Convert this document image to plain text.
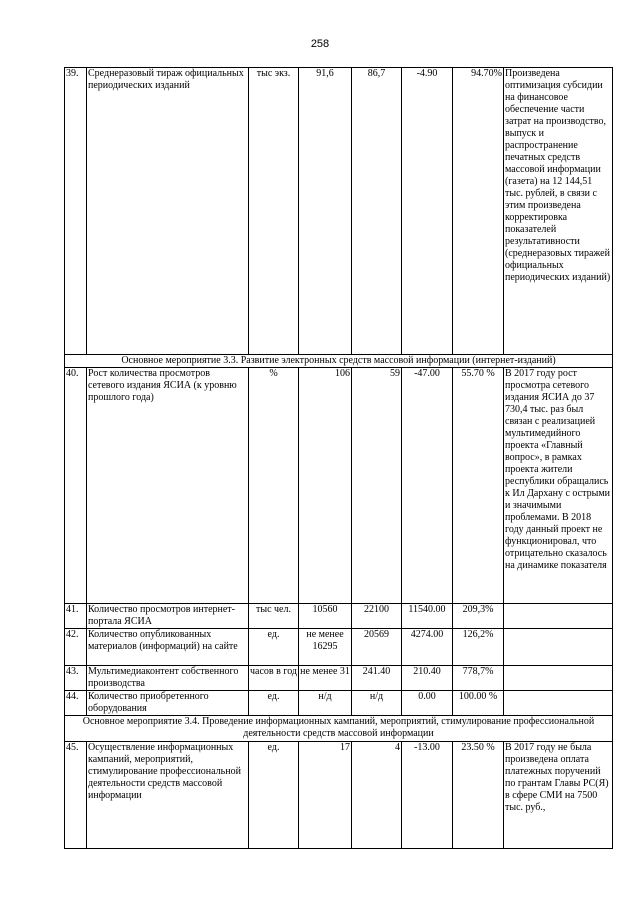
258
39.	Среднеразовый тираж официальных периодических изданий	тыс экз.	91,6	86,7	-4.90	94.70%	Произведена оптимизация субсидии на финансовое обеспечение части затрат на производство, выпуск и распространение печатных средств массовой информации (газета) на 12 144,51 тыс. рублей, в связи с этим произведена корректировка показателей результативности (среднеразовых тиражей официальных периодических изданий)
Основное мероприятие 3.3. Развитие электронных средств массовой информации (интернет-изданий)							
40.	Рост количества просмотров сетевого издания ЯСИА (к уровню прошлого года)	%	106	59	-47.00	55.70 %	В 2017 году рост просмотра сетевого издания ЯСИА до 37 730,4 тыс. раз был связан с реализацией мультимедийного проекта «Главный вопрос», в рамках проекта жители республики обращались к Ил Дархану с острыми и значимыми проблемами. В 2018 году данный проект не функционировал, что отрицательно сказалось на динамике показателя
41.	Количество просмотров интернет-портала ЯСИА	тыс чел.	10560	22100	11540.00	209,3%	
42.	Количество опубликованных материалов (информаций) на сайте	ед.	не менее 16295	20569	4274.00	126,2%	
43.	Мультимедиаконтент собственного производства	часов в год	не менее 31	241.40	210.40	778,7%	
44.	Количество приобретенного оборудования	ед.	н/д	н/д	0.00	100.00 %	
Основное мероприятие 3.4. Проведение информационных кампаний, мероприятий, стимулирование профессиональной деятельности средств массовой информации							
45.	Осуществление информационных кампаний, мероприятий, стимулирование профессиональной деятельности средств массовой информации	ед.	17	4	-13.00	23.50 %	В 2017 году не была произведена оплата платежных поручений по грантам Главы РС(Я) в сфере СМИ на 7500 тыс. руб.,
